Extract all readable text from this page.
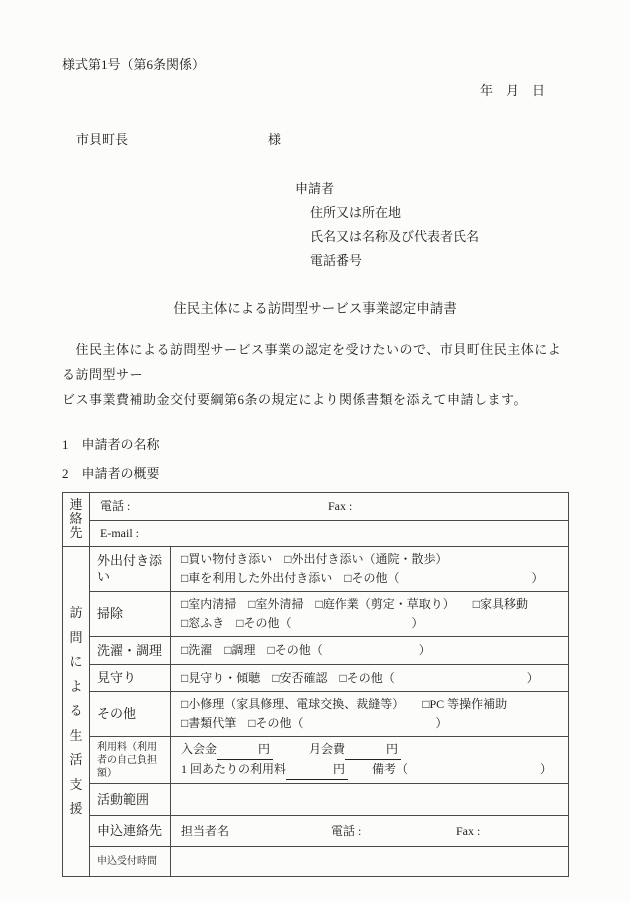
様式第1号（第6条関係）
年　月　日
市貝町長	様
申請者
住所又は所在地
氏名又は名称及び代表者氏名
電話番号
住民主体による訪問型サービス事業認定申請書
　住民主体による訪問型サービス事業の認定を受けたいので、市貝町住民主体による訪問型サー
ビス事業費補助金交付要綱第6条の規定により関係書類を添えて申請します。
1　申請者の名称
2　申請者の概要
連絡先	電話 : Fax :	
	E-mail :	
訪問による生活支援	外出付き添い	□買い物付き添い　□外出付き添い（通院・散歩）
□車を利用した外出付き添い　□その他（　　　　　　　　　　　）

	掃除	□室内清掃　□室外清掃　□庭作業（剪定・草取り）　　□家具移動
□窓ふき　□その他（　　　　　　　　　　）

	洗濯・調理	□洗濯　□調理　□その他（　　　　　　　　）

	見守り	□見守り・傾聴　□安否確認　□その他（　　　　　　　　　　　）

	その他	□小修理（家具修理、電球交換、裁縫等）　　□PC 等操作補助
□書類代筆　□その他（　　　　　　　　　　　）

	利用料（利用者の自己負担額）	入会金 円 月会費 円
1 回あたりの利用料 円 備考（　　　　　　　　　　　）

	活動範囲	
	申込連絡先	担当者名 電話 : Fax :
	申込受付時間	
